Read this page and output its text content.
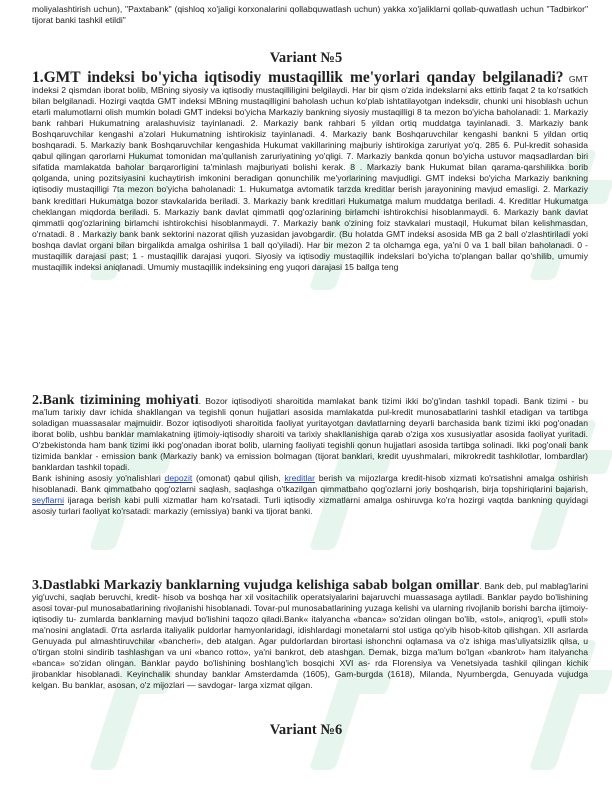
moliyalashtirish uchun), "Paxtabank" (qishloq xo'jaligi korxonalarini qollabquwatlash uchun) yakka xo'jaliklarni qollab-quwatlash uchun "Tadbirkor" tijorat banki tashkil etildi"

Variant №5

1.GMT indeksi bo'yicha iqtisodiy mustaqillik me'yorlari qanday belgilanadi? GMT indeksi 2 qismdan iborat bolib, MBning siyosiy va iqtisodiy mustaqilliligini belgilaydi. Har bir qism o'zida indekslarni aks ettirib faqat 2 ta ko'rsatkich bilan belgilanadi. Hozirgi vaqtda GMT indeksi MBning mustaqilligini baholash uchun ko'plab ishtatilayotgan indeksdir, chunki uni hisoblash uchun etarli malumotlarni olish mumkin boladi GMT indeksi bo'yicha Markaziy bankning siyosiy mustaqilligi 8 ta mezon bo'yicha baholanadi: 1. Markaziy bank rahbari Hukumatning aralashuvisiz tayinlanadi. 2. Markaziy bank rahbari 5 yildan ortiq muddatga tayinlanadi. 3. Markaziy bank Boshqaruvchilar kengashi a'zolari Hukumatning ishtirokisiz tayinlanadi. 4. Markaziy bank Boshqaruvchilar kengashi bankni 5 yildan ortiq boshqaradi. 5. Markaziy bank Boshqaruvchilar kengashida Hukumat vakillarining majburiy ishtirokiga zaruriyat yo'q. 285 6. Pul-kredit sohasida qabul qilingan qarorlarni Hukumat tomonidan ma'qullanish zaruriyatining yo'qligi. 7. Markaziy bankda qonun bo'yicha ustuvor maqsadlardan biri sifatida mamlakatda baholar barqarorligini ta'minlash majburiyati bolishi kerak. 8 . Markaziy bank Hukumat bilan qarama-qarshilikka borib qolganda, uning pozitsiyasini kuchaytirish imkonini beradigan qonunchilik me'yorlarining mavjudligi. GMT indeksi bo'yicha Markaziy bankning iqtisodiy mustaqilligi 7ta mezon bo'yicha baholanadi: 1. Hukumatga avtomatik tarzda kreditlar berish jarayonining mavjud emasligi. 2. Markaziy bank kreditlari Hukumatga bozor stavkalarida beriladi. 3. Markaziy bank kreditlari Hukumatga malum muddatga beriladi. 4. Kreditlar Hukumatga cheklangan miqdorda beriladi. 5. Markaziy bank davlat qimmatli qog'ozlarining birlamchi ishtirokchisi hisoblanmaydi. 6. Markaziy bank davlat qimmatli qog'ozlarining birlamchi ishtirokchisi hisoblanmaydi. 7. Markaziy bank o'zining foiz stavkalari mustaqil, Hukumat bilan kelishmasdan, o'rnatadi. 8 . Markaziy bank bank sektorini nazorat qilish yuzasidan javobgardir. (Bu holatda GMT indeksi asosida MB ga 2 ball o'zlashtiriladi yoki boshqa davlat organi bilan birgalikda amalga oshirilsa 1 ball qo'yiladi). Har bir mezon 2 ta olchamga ega, ya'ni 0 va 1 ball bilan baholanadi. 0 - mustaqillik darajasi past; 1 - mustaqillik darajasi yuqori. Siyosiy va iqtisodiy mustaqillik indekslari bo'yicha to'plangan ballar qo'shilib, umumiy mustaqillik indeksi aniqlanadi. Umumiy mustaqillik indeksining eng yuqori darajasi 15 ballga teng

2.Bank tizimining mohiyati. Bozor iqtisodiyoti sharoitida mamlakat bank tizimi ikki bo'g'indan tashkil topadi. Bank tizimi - bu ma'lum tarixiy davr ichida shakllangan va tegishli qonun hujjatlari asosida mamlakatda pul-kredit munosabatlarini tashkil etadigan va tartibga soladigan muassasalar majmuidir. Bozor iqtisodiyoti sharoitida faoliyat yuritayotgan davlatlarning deyarli barchasida bank tizimi ikki pog'onadan iborat bolib, ushbu banklar mamlakatning ijtimoiy-iqtisodiy sharoiti va tarixiy shakllanishiga qarab o'ziga xos xususiyatlar asosida faoliyat yuritadi. O'zbekistonda ham bank tizimi ikki pog'onadan iborat bolib, ularning faoliyati tegishli qonun hujjatlari asosida tartibga solinadi. Ikki pog'onali bank tizimida banklar - emission bank (Markaziy bank) va emission bolmagan (tijorat banklari, kredit uyushmalari, mikrokredit tashkilotlar, lombardlar) banklardan tashkil topadi.

Bank ishining asosiy yo'nalishlari depozit (omonat) qabul qilish, kreditlar berish va mijozlarga kredit-hisob xizmati ko'rsatishni amalga oshirish hisoblanadi. Bank qimmatbaho qog'ozlarni saqlash, saqlashga o'tkazilgan qimmatbaho qog'ozlarni joriy boshqarish, birja topshiriqlarini bajarish, seyflarni ijaraga berish kabi pulli xizmatlar ham ko'rsatadi. Turli iqtisodiy xizmatlarni amalga oshiruvga ko'ra hozirgi vaqtda bankning quyidagi asosiy turlari faoliyat ko'rsatadi: markaziy (emissiya) banki va tijorat banki.

3.Dastlabki Markaziy banklarning vujudga kelishiga sabab bolgan omillar. Bank deb, pul mablag'larini yig'uvchi, saqlab beruvchi, kredit- hisob va boshqa har xil vositachilik operatsiyalarini bajaruvchi muassasaga aytiladi. Banklar paydo bo'lishining asosi tovar-pul munosabatlarining rivojlanishi hisoblanadi. Tovar-pul munosabatlarining yuzaga kelishi va ularning rivojlanib borishi barcha ijtimoiy-iqtisodiy tu- zumlarda banklarning mavjud bo'lishini taqozo qiladi.Bank« italyancha «banca» so'zidan olingan bo'lib, «stol», aniqrog'i, «pulli stol» ma'nosini anglatadi. 0'rta asrlarda italiyalik puldorlar hamyonlaridagi, idishlardagi monetalarni stol ustiga qo'yib hisob-kitob qilishgan. XII asrlarda Genuyada pul almashtiruvchilar «bancheri», deb atalgan. Agar puldorlardan birortasi ishonchni oqlamasa va o'z ishiga mas'uliyatsizlik qilsa, u o'tirgan stolni sindirib tashlashgan va uni «banco rotto», ya'ni bankrot, deb atashgan. Demak, bizga ma'lum bo'lgan «bankrot» ham italyancha «banca» so'zidan olingan. Banklar paydo bo'lishining boshlang'ich bosqichi XVI as- rda Florensiya va Venetsiyada tashkil qilingan kichik jirobanklar hisoblanadi. Keyinchalik shunday banklar Amsterdamda (1605), Gam-burgda (1618), Milanda, Nyurnbergda, Genuyada vujudga kelgan. Bu banklar, asosan, o'z mijozlari — savdogar- larga xizmat qilgan.

Variant №6
